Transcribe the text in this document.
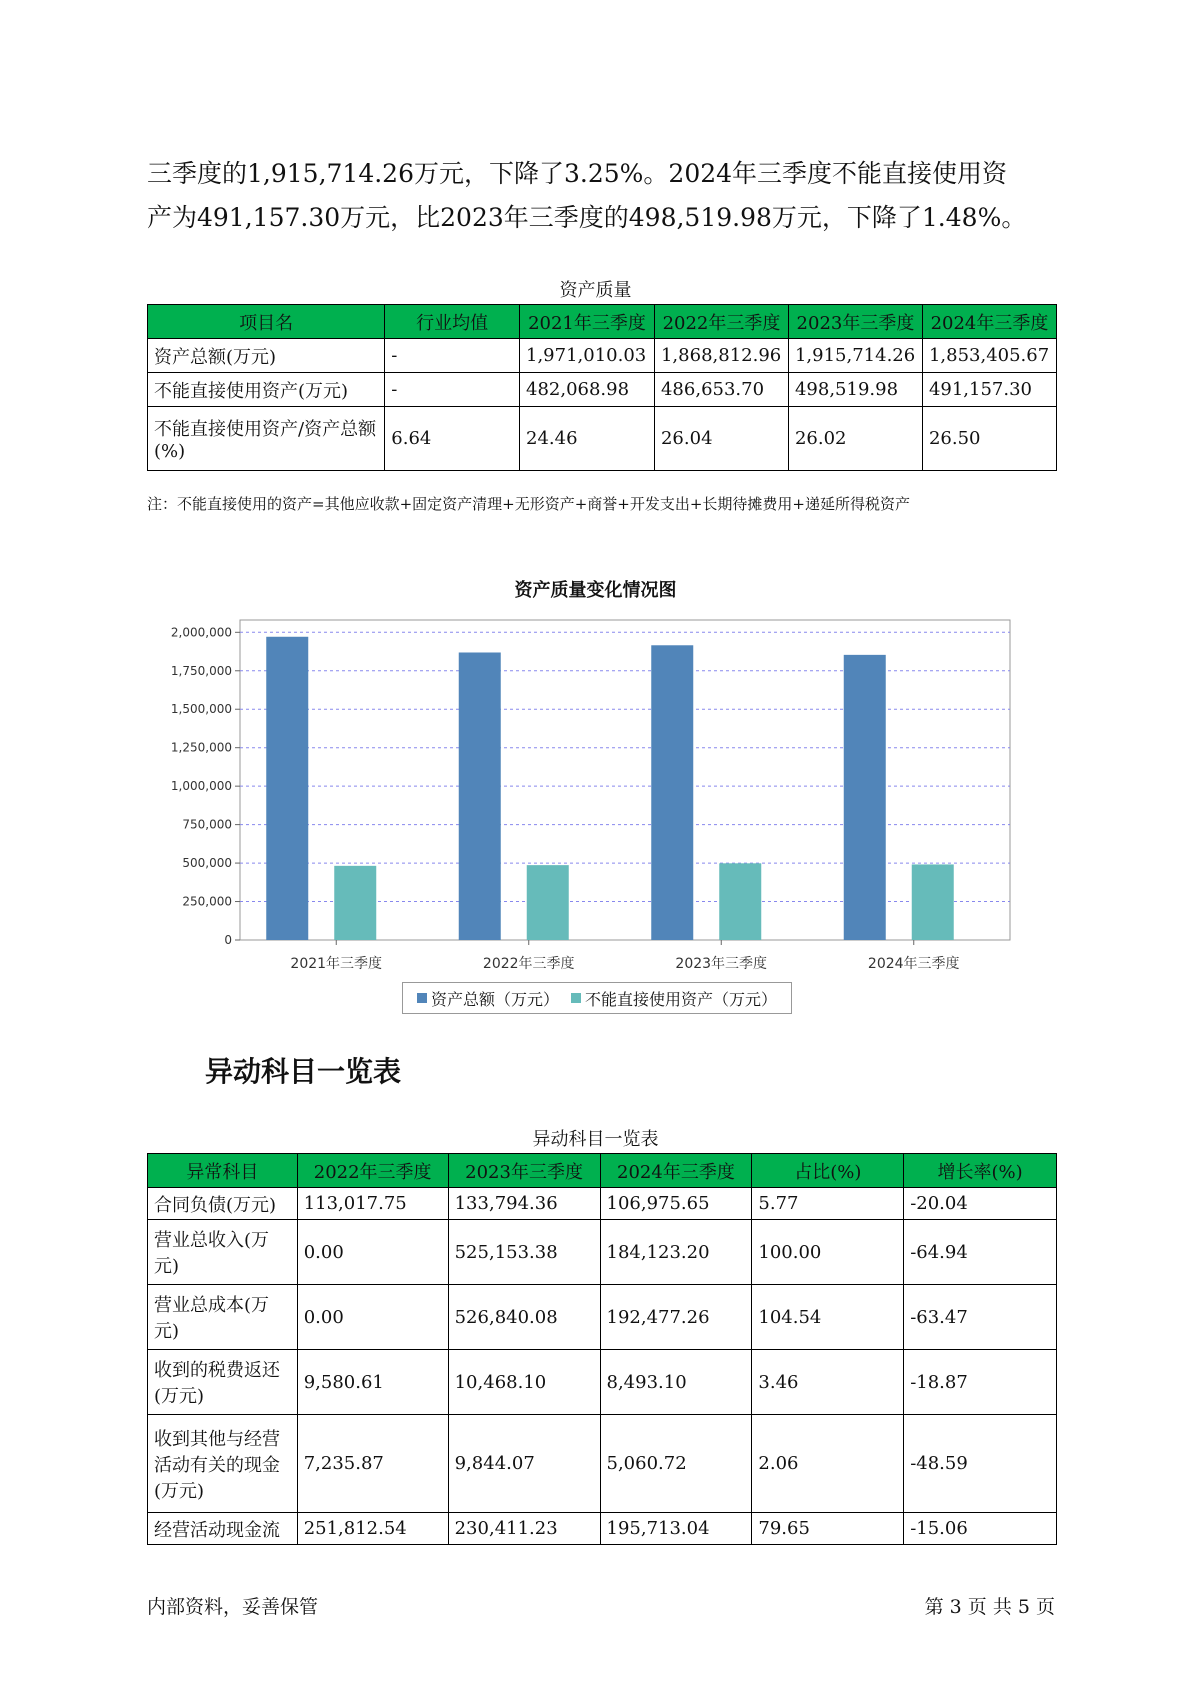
三季度的1,915,714.26万元，下降了3.25%。2024年三季度不能直接使用资
产为491,157.30万元，比2023年三季度的498,519.98万元，下降了1.48%。
资产质量
项目名	行业均值	2021年三季度	2022年三季度	2023年三季度	2024年三季度
资产总额(万元)	-	1,971,010.03	1,868,812.96	1,915,714.26	1,853,405.67
不能直接使用资产(万元)	-	482,068.98	486,653.70	498,519.98	491,157.30
不能直接使用资产/资产总额(%)	6.64	24.46	26.04	26.02	26.50
注：不能直接使用的资产=其他应收款+固定资产清理+无形资产+商誉+开发支出+长期待摊费用+递延所得税资产
资产质量变化情况图
0
250,000
500,000
750,000
1,000,000
1,250,000
1,500,000
1,750,000
2,000,000
2021年三季度	2022年三季度	2023年三季度	2024年三季度
资产总额（万元） 不能直接使用资产（万元）
异动科目一览表
异动科目一览表
异常科目	2022年三季度	2023年三季度	2024年三季度	占比(%)	增长率(%)
合同负债(万元)	113,017.75	133,794.36	106,975.65	5.77	-20.04
营业总收入(万元)	0.00	525,153.38	184,123.20	100.00	-64.94
营业总成本(万元)	0.00	526,840.08	192,477.26	104.54	-63.47
收到的税费返还(万元)	9,580.61	10,468.10	8,493.10	3.46	-18.87
收到其他与经营活动有关的现金(万元)	7,235.87	9,844.07	5,060.72	2.06	-48.59
经营活动现金流	251,812.54	230,411.23	195,713.04	79.65	-15.06
内部资料，妥善保管	第 3 页 共 5 页
